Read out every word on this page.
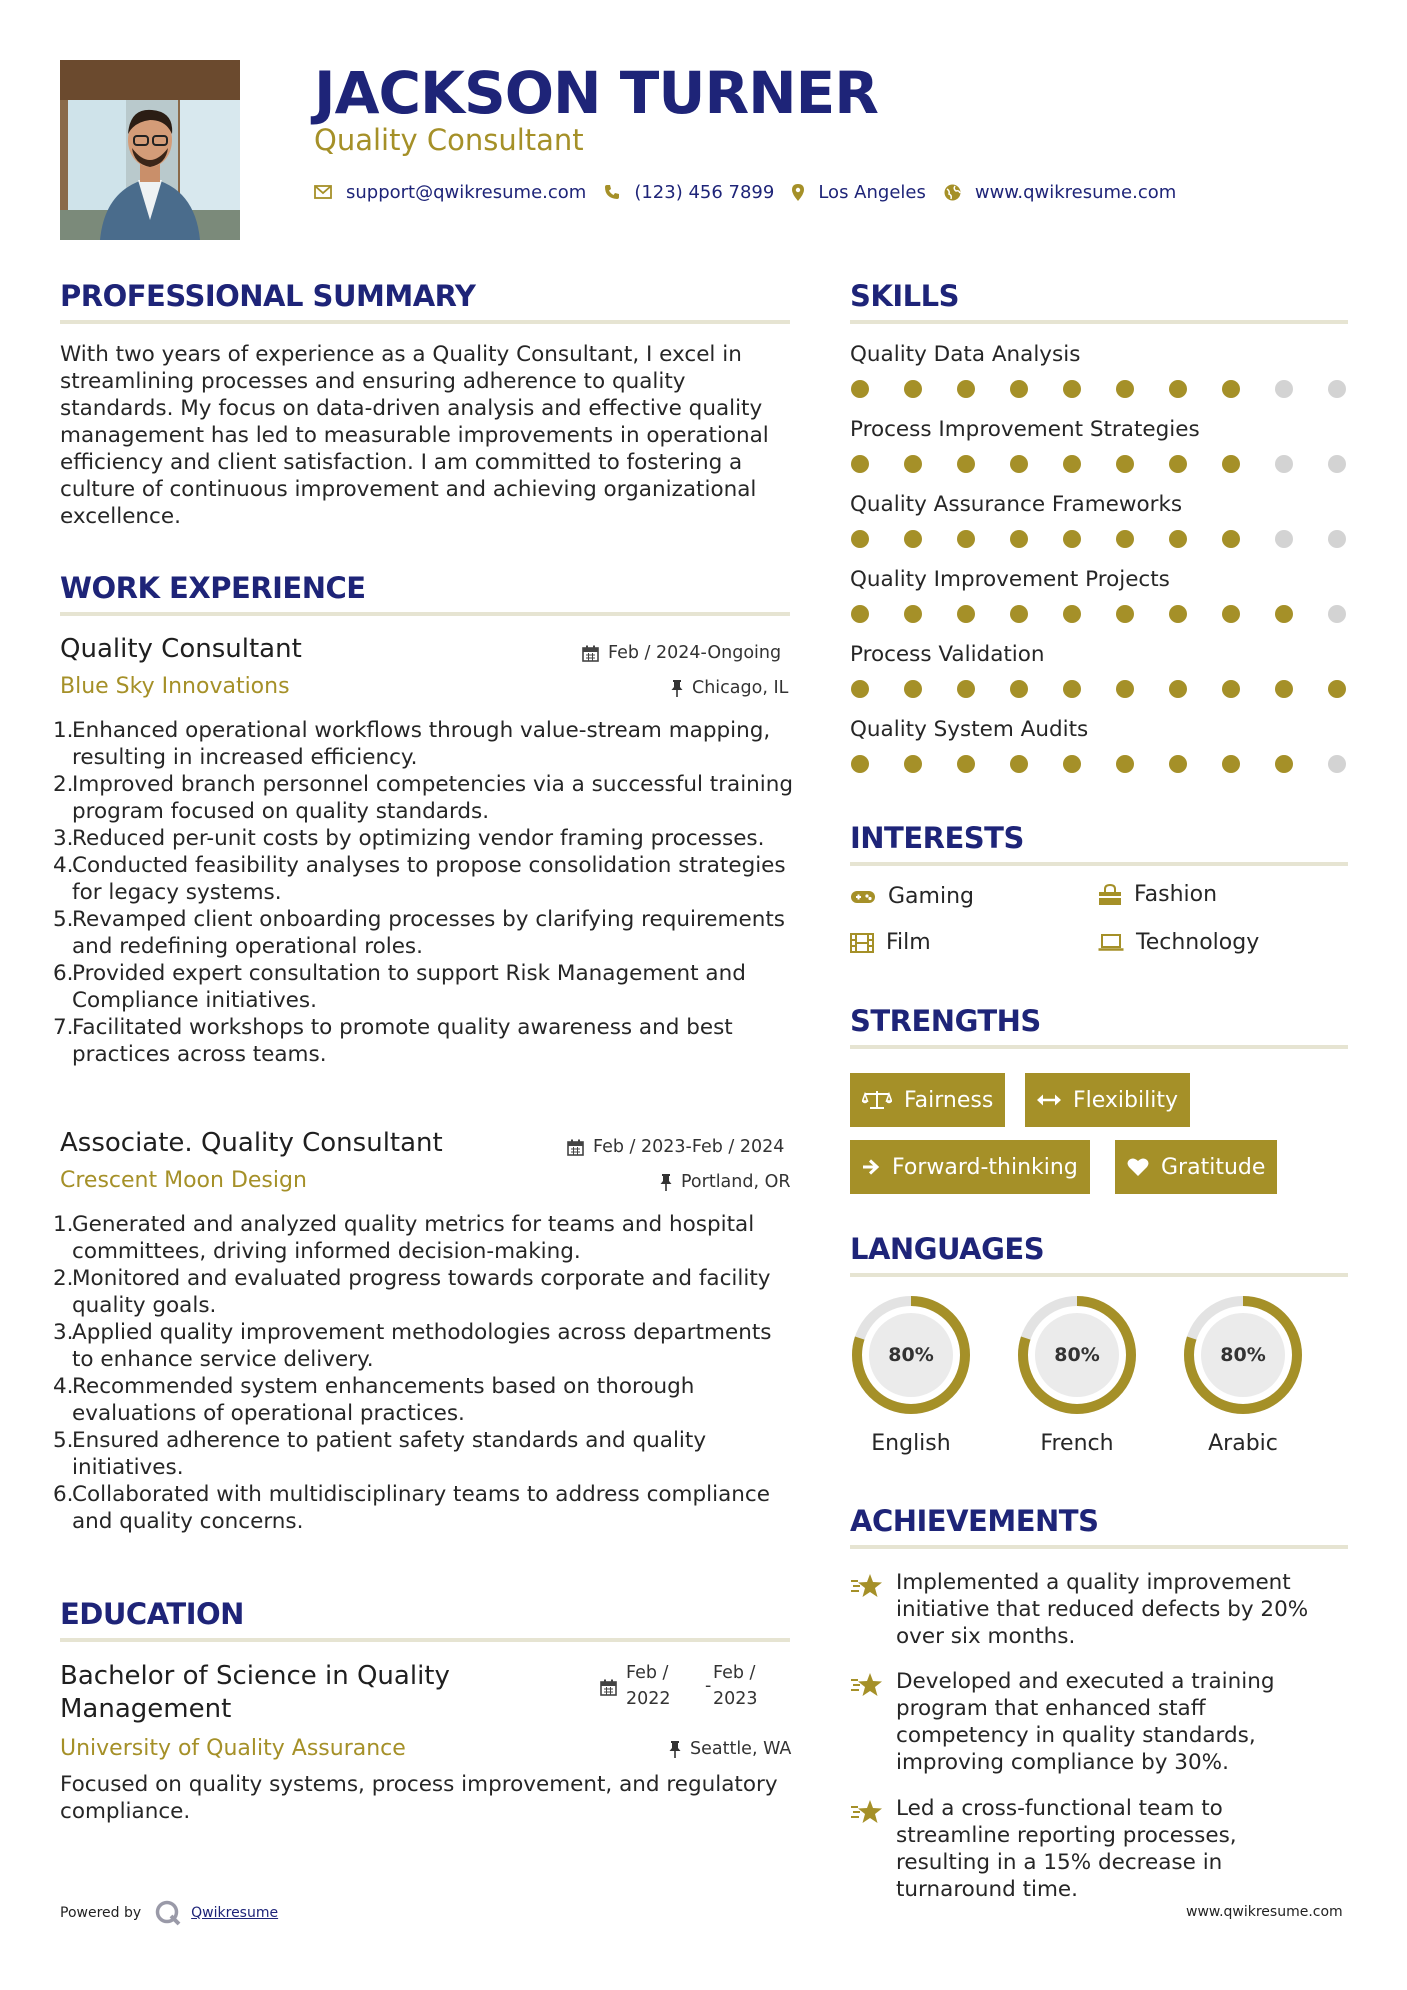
JACKSON TURNER
Quality Consultant
support@qwikresume.com	(123) 456 7899 Los Angeles	www.qwikresume.com
PROFESSIONAL SUMMARY
With two years of experience as a Quality Consultant, I excel in streamlining processes and ensuring adherence to quality standards. My focus on data-driven analysis and effective quality management has led to measurable improvements in operational efficiency and client satisfaction. I am committed to fostering a culture of continuous improvement and achieving organizational excellence.
WORK EXPERIENCE
Quality Consultant	Feb / 2024-Ongoing
Blue Sky Innovations	Chicago, IL
1.
Enhanced operational workflows through value-stream mapping, resulting in increased efficiency.
2.
Improved branch personnel competencies via a successful training program focused on quality standards.
3.
Reduced per-unit costs by optimizing vendor framing processes.
4.
Conducted feasibility analyses to propose consolidation strategies for legacy systems.
5.
Revamped client onboarding processes by clarifying requirements and redefining operational roles.
6.
Provided expert consultation to support Risk Management and Compliance initiatives.
7.
Facilitated workshops to promote quality awareness and best practices across teams.
Associate. Quality Consultant	Feb / 2023-Feb / 2024
Crescent Moon Design	Portland, OR
1.
Generated and analyzed quality metrics for teams and hospital committees, driving informed decision-making.
2.
Monitored and evaluated progress towards corporate and facility quality goals.
3.
Applied quality improvement methodologies across departments to enhance service delivery.
4.
Recommended system enhancements based on thorough evaluations of operational practices.
5.
Ensured adherence to patient safety standards and quality initiatives.
6.
Collaborated with multidisciplinary teams to address compliance and quality concerns.
EDUCATION
Bachelor of Science in Quality
Management
Feb /
2022
-
Feb /
2023
University of Quality Assurance	Seattle, WA
Focused on quality systems, process improvement, and regulatory compliance.
SKILLS
Quality Data Analysis
Process Improvement Strategies
Quality Assurance Frameworks
Quality Improvement Projects
Process Validation
Quality System Audits
INTERESTS
Gaming	Fashion
Film	Technology
STRENGTHS
Fairness	Flexibility
Forward-thinking	Gratitude
LANGUAGES
80%
English
80%
French
80%
Arabic
ACHIEVEMENTS
Implemented a quality improvement initiative that reduced defects by 20% over six months.
Developed and executed a training program that enhanced staff competency in quality standards, improving compliance by 30%.
Led a cross-functional team to streamline reporting processes, resulting in a 15% decrease in turnaround time.
Powered by	Qwikresume	www.qwikresume.com
